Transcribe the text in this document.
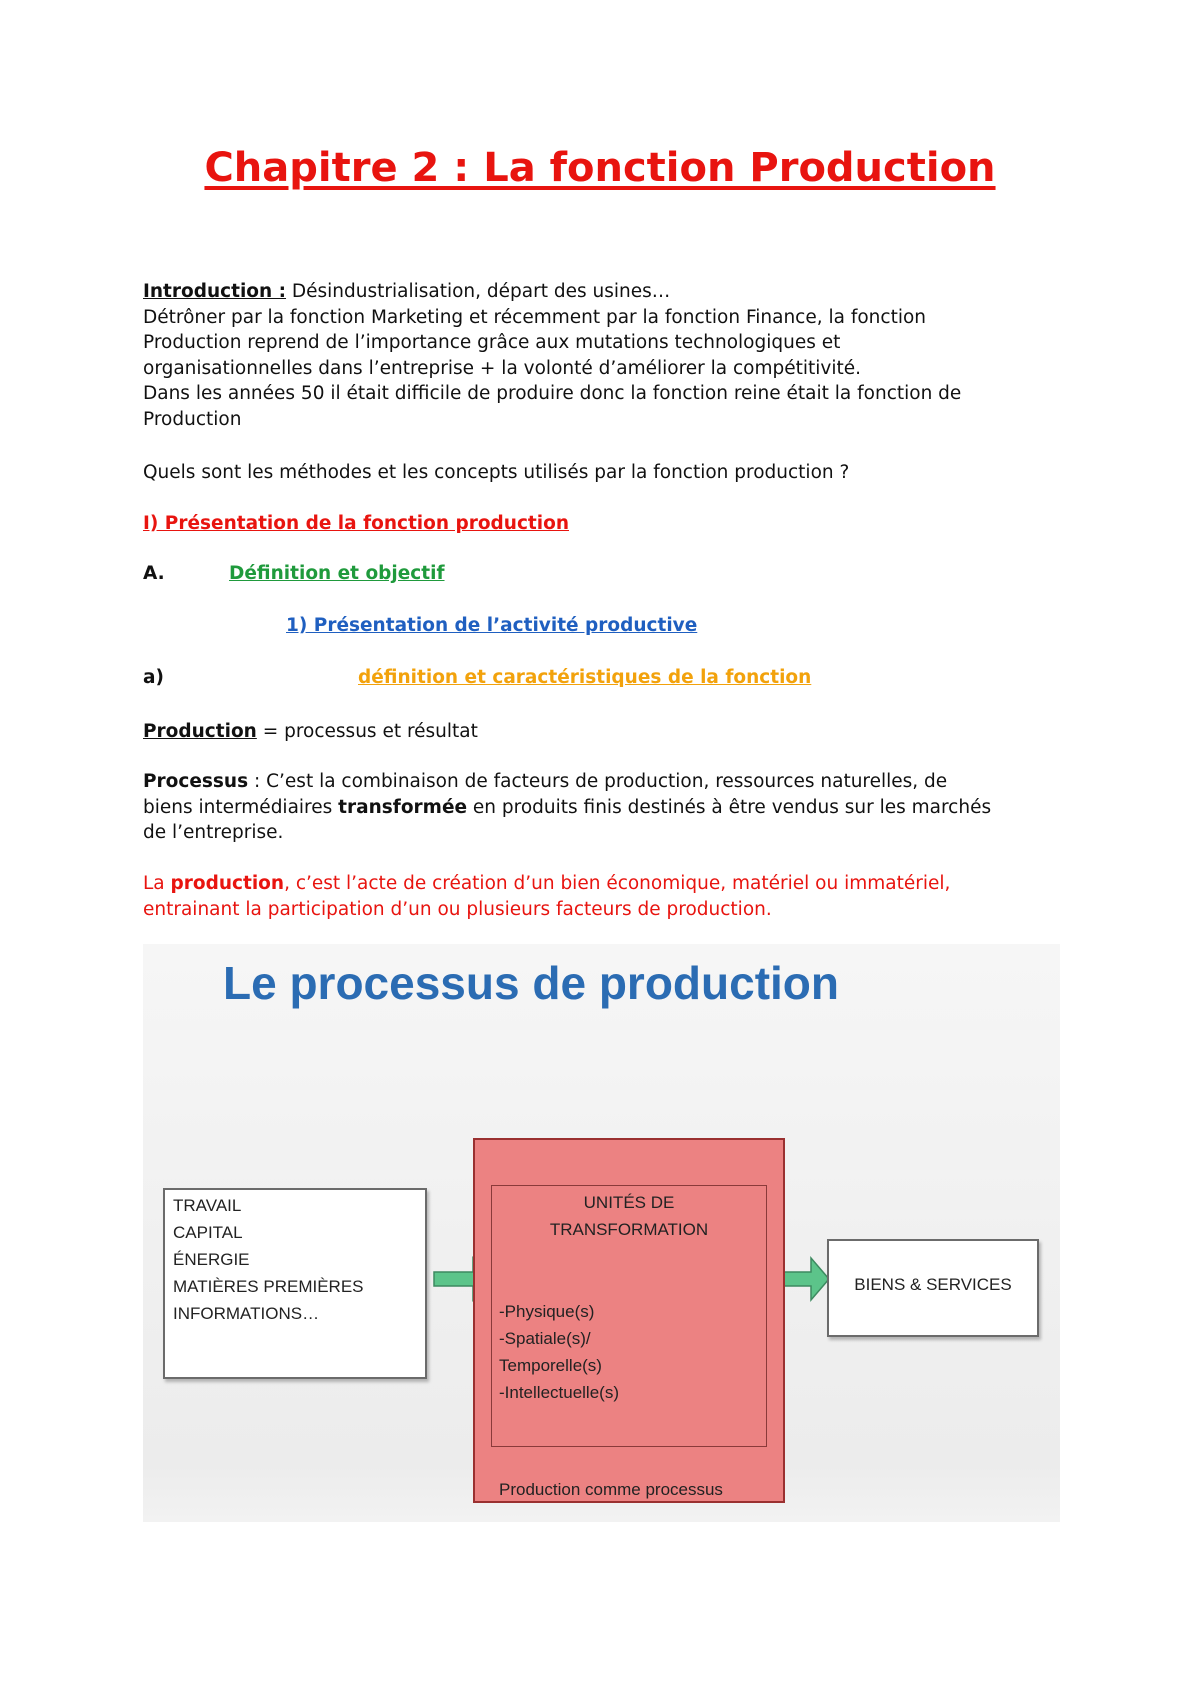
Chapitre 2 : La fonction Production
Introduction : Désindustrialisation, départ des usines…
Détrôner par la fonction Marketing et récemment par la fonction Finance, la fonction
Production reprend de l’importance grâce aux mutations technologiques et
organisationnelles dans l’entreprise + la volonté d’améliorer la compétitivité.
Dans les années 50 il était difficile de produire donc la fonction reine était la fonction de
Production
Quels sont les méthodes et les concepts utilisés par la fonction production ?
I) Présentation de la fonction production
A.	Définition et objectif
1) Présentation de l’activité productive
a)	définition et caractéristiques de la fonction
Production = processus et résultat
Processus : C’est la combinaison de facteurs de production, ressources naturelles, de
biens intermédiaires transformée en produits finis destinés à être vendus sur les marchés
de l’entreprise.
La production, c’est l’acte de création d’un bien économique, matériel ou immatériel,
entrainant la participation d’un ou plusieurs facteurs de production.
Le processus de production
TRAVAIL
CAPITAL
ÉNERGIE
MATIÈRES PREMIÈRES
INFORMATIONS…
UNITÉS DE
TRANSFORMATION
-Physique(s)
-Spatiale(s)/
Temporelle(s)
-Intellectuelle(s)
Production comme processus
BIENS & SERVICES
